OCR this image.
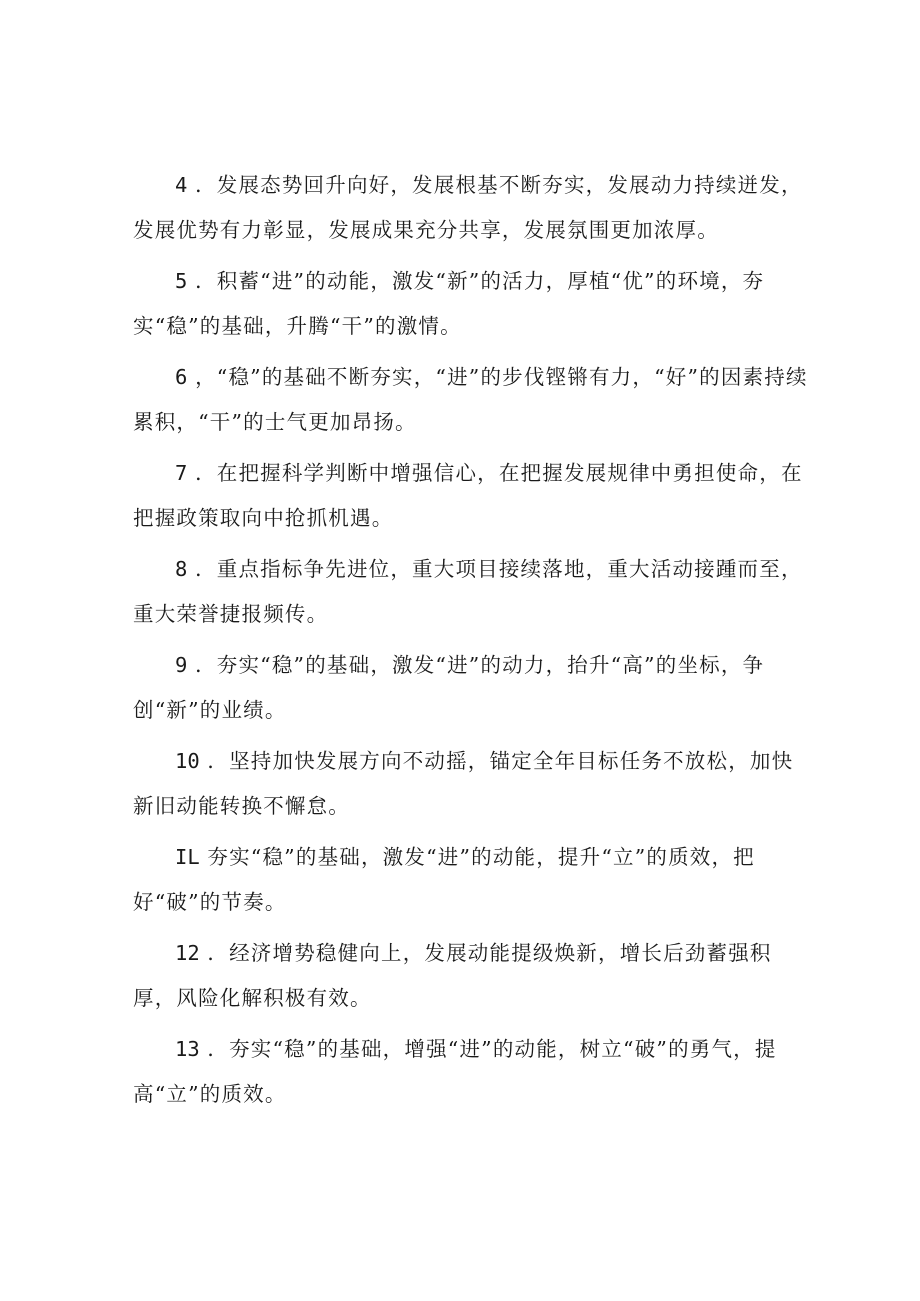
4 ．发展态势回升向好，发展根基不断夯实，发展动力持续迸发，发展优势有力彰显，发展成果充分共享，发展氛围更加浓厚。

5 ．积蓄“进”的动能，激发“新”的活力，厚植“优”的环境，夯实“稳”的基础，升腾“干”的激情。

6 ，“稳”的基础不断夯实，“进”的步伐铿锵有力，“好”的因素持续累积，“干”的士气更加昂扬。

7 ．在把握科学判断中增强信心，在把握发展规律中勇担使命，在把握政策取向中抢抓机遇。

8 ．重点指标争先进位，重大项目接续落地，重大活动接踵而至，重大荣誉捷报频传。

9 ．夯实“稳”的基础，激发“进”的动力，抬升“高”的坐标，争创“新”的业绩。

10 ．坚持加快发展方向不动摇，锚定全年目标任务不放松，加快新旧动能转换不懈怠。

IL 夯实“稳”的基础，激发“进”的动能，提升“立”的质效，把好“破”的节奏。

12 ．经济增势稳健向上，发展动能提级焕新，增长后劲蓄强积厚，风险化解积极有效。

13 ．夯实“稳”的基础，增强“进”的动能，树立“破”的勇气，提高“立”的质效。
